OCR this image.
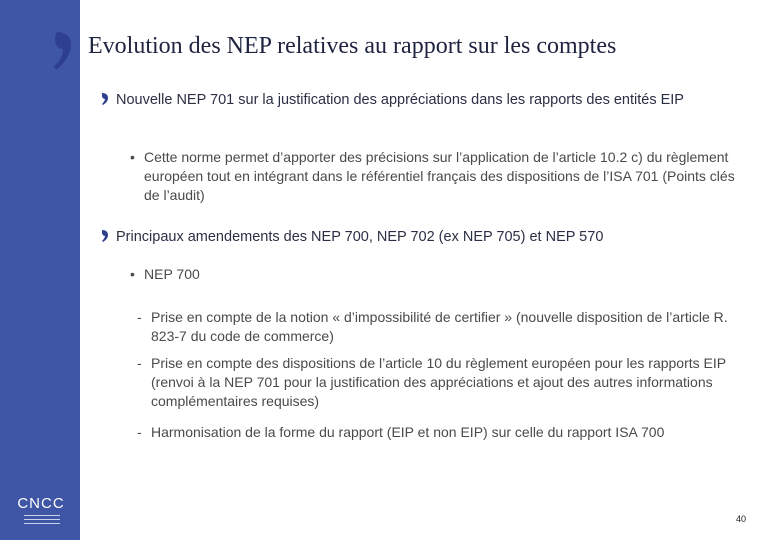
CNCC
Evolution des NEP relatives au rapport sur les comptes
Nouvelle NEP 701 sur la justification des appréciations dans les rapports des entités EIP
• Cette norme permet d’apporter des précisions sur l’application de l’article 10.2 c) du règlement européen tout en intégrant dans le référentiel français des dispositions de l’ISA 701 (Points clés de l’audit)
Principaux amendements des NEP 700, NEP 702 (ex NEP 705) et NEP 570
• NEP 700
- Prise en compte de la notion « d’impossibilité de certifier » (nouvelle disposition de l’article R. 823-7 du code de commerce)
- Prise en compte des dispositions de l’article 10 du règlement européen pour les rapports EIP (renvoi à la NEP 701 pour la justification des appréciations et ajout des autres informations complémentaires requises)
- Harmonisation de la forme du rapport (EIP et non EIP) sur celle du rapport ISA 700
40
